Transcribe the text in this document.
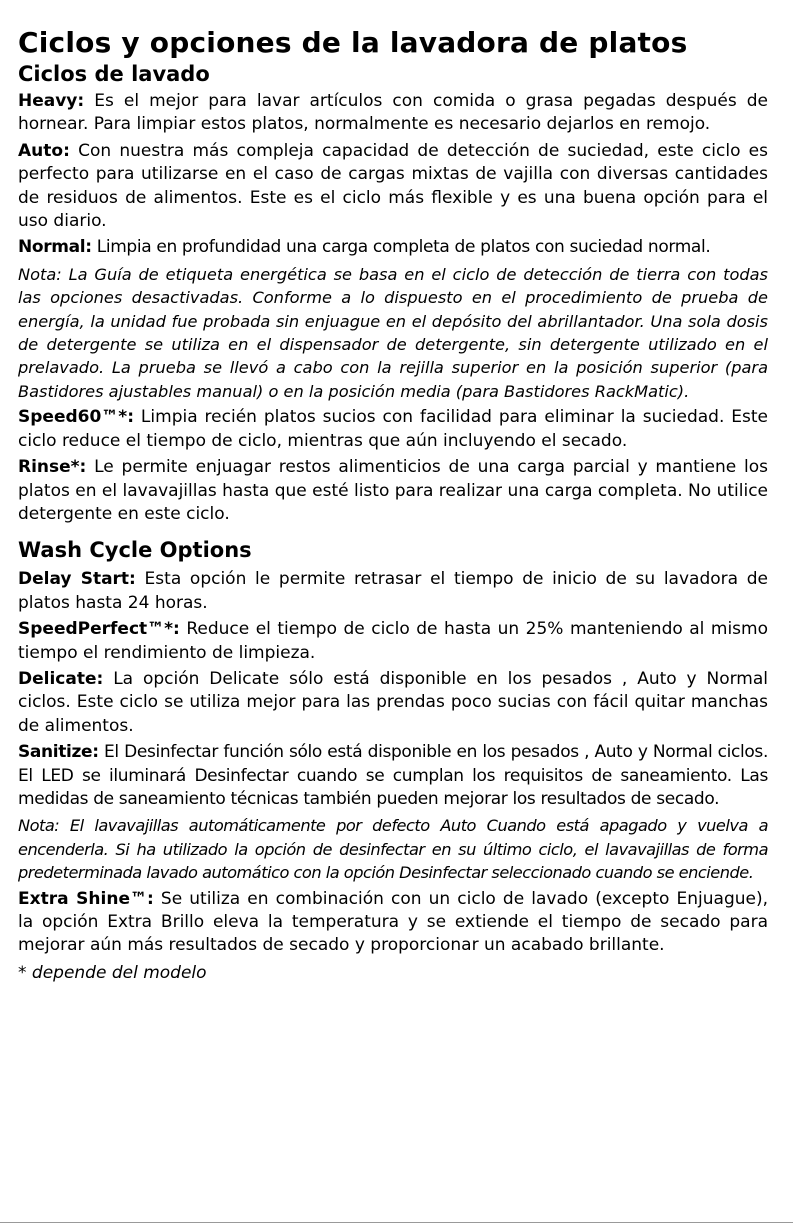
Ciclos y opciones de la lavadora de platos
Ciclos de lavado

Heavy: Es el mejor para lavar artículos con comida o grasa pegadas después de hornear. Para limpiar estos platos, normalmente es necesario dejarlos en remojo.

Auto: Con nuestra más compleja capacidad de detección de suciedad, este ciclo es perfecto para utilizarse en el caso de cargas mixtas de vajilla con diversas cantidades de residuos de alimentos. Este es el ciclo más flexible y es una buena opción para el uso diario.

Normal: Limpia en profundidad una carga completa de platos con suciedad normal.

Nota: La Guía de etiqueta energética se basa en el ciclo de detección de tierra con todas las opciones desactivadas. Conforme a lo dispuesto en el procedimiento de prueba de energía, la unidad fue probada sin enjuague en el depósito del abrillantador. Una sola dosis de detergente se utiliza en el dispensador de detergente, sin detergente utilizado en el prelavado. La prueba se llevó a cabo con la rejilla superior en la posición superior (para Bastidores ajustables manual) o en la posición media (para Bastidores RackMatic).

Speed60™*: Limpia recién platos sucios con facilidad para eliminar la suciedad. Este ciclo reduce el tiempo de ciclo, mientras que aún incluyendo el secado.

Rinse*: Le permite enjuagar restos alimenticios de una carga parcial y mantiene los platos en el lavavajillas hasta que esté listo para realizar una carga completa. No utilice detergente en este ciclo.

Wash Cycle Options

Delay Start: Esta opción le permite retrasar el tiempo de inicio de su lavadora de platos hasta 24 horas.

SpeedPerfect™*: Reduce el tiempo de ciclo de hasta un 25% manteniendo al mismo tiempo el rendimiento de limpieza.

Delicate: La opción Delicate sólo está disponible en los pesados , Auto y Normal ciclos. Este ciclo se utiliza mejor para las prendas poco sucias con fácil quitar manchas de alimentos.

Sanitize: El Desinfectar función sólo está disponible en los pesados , Auto y Normal ciclos. El LED se iluminará Desinfectar cuando se cumplan los requisitos de saneamiento. Las medidas de saneamiento técnicas también pueden mejorar los resultados de secado.

Nota: El lavavajillas automáticamente por defecto Auto Cuando está apagado y vuelva a encenderla. Si ha utilizado la opción de desinfectar en su último ciclo, el lavavajillas de forma predeterminada lavado automático con la opción Desinfectar seleccionado cuando se enciende.

Extra Shine™: Se utiliza en combinación con un ciclo de lavado (excepto Enjuague), la opción Extra Brillo eleva la temperatura y se extiende el tiempo de secado para mejorar aún más resultados de secado y proporcionar un acabado brillante.

* depende del modelo
